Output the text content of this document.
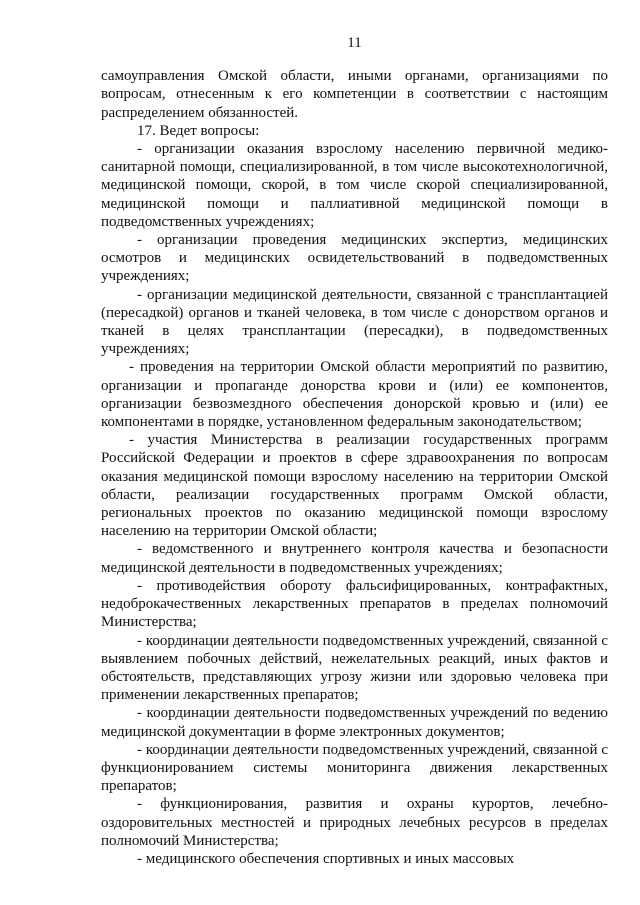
11

самоуправления Омской области, иными органами, организациями по вопросам, отнесенным к его компетенции в соответствии с настоящим распределением обязанностей.

17. Ведет вопросы:

- организации оказания взрослому населению первичной медико-санитарной помощи, специализированной, в том числе высокотехнологичной, медицинской помощи, скорой, в том числе скорой специализированной, медицинской помощи и паллиативной медицинской помощи в подведомственных учреждениях;

- организации проведения медицинских экспертиз, медицинских осмотров и медицинских освидетельствований в подведомственных учреждениях;

- организации медицинской деятельности, связанной с трансплантацией (пересадкой) органов и тканей человека, в том числе с донорством органов и тканей в целях трансплантации (пересадки), в подведомственных учреждениях;

- проведения на территории Омской области мероприятий по развитию, организации и пропаганде донорства крови и (или) ее компонентов, организации безвозмездного обеспечения донорской кровью и (или) ее компонентами в порядке, установленном федеральным законодательством;

- участия Министерства в реализации государственных программ Российской Федерации и проектов в сфере здравоохранения по вопросам оказания медицинской помощи взрослому населению на территории Омской области, реализации государственных программ Омской области, региональных проектов по оказанию медицинской помощи взрослому населению на территории Омской области;

- ведомственного и внутреннего контроля качества и безопасности медицинской деятельности в подведомственных учреждениях;

- противодействия обороту фальсифицированных, контрафактных, недоброкачественных лекарственных препаратов в пределах полномочий Министерства;

- координации деятельности подведомственных учреждений, связанной с выявлением побочных действий, нежелательных реакций, иных фактов и обстоятельств, представляющих угрозу жизни или здоровью человека при применении лекарственных препаратов;

- координации деятельности подведомственных учреждений по ведению медицинской документации в форме электронных документов;

- координации деятельности подведомственных учреждений, связанной с функционированием системы мониторинга движения лекарственных препаратов;

- функционирования, развития и охраны курортов, лечебно-оздоровительных местностей и природных лечебных ресурсов в пределах полномочий Министерства;

- медицинского обеспечения спортивных и иных массовых
